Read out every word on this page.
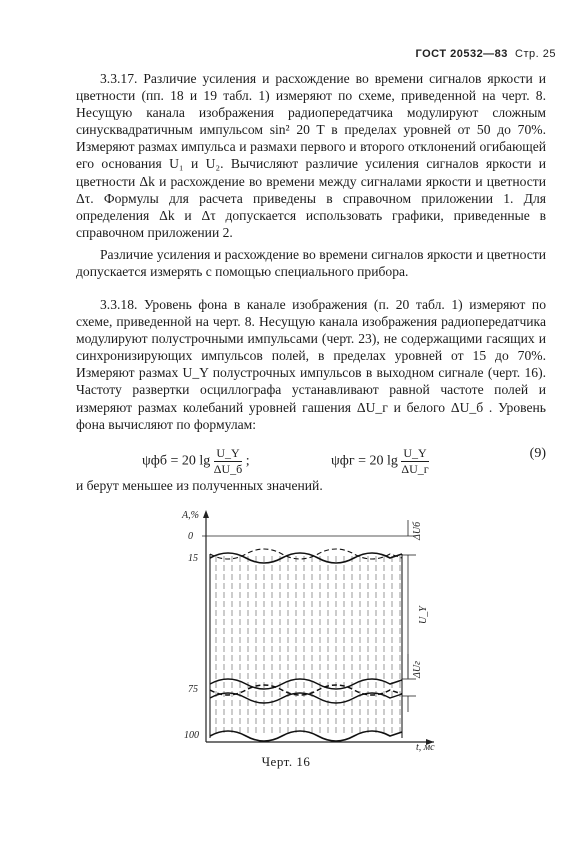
ГОСТ 20532—83 Стр. 25

3.3.17. Различие усиления и расхождение во времени сигналов яркости и цветности (пп. 18 и 19 табл. 1) измеряют по схеме, приведенной на черт. 8. Несущую канала изображения радиопередатчика модулируют сложным синусквадратичным импульсом sin² 20 T в пределах уровней от 50 до 70%. Измеряют размах импульса и размахи первого и второго отклонений огибающей его основания U₁ и U₂. Вычисляют различие усиления сигналов яркости и цветности Δk и расхождение во времени между сигналами яркости и цветности Δτ. Формулы для расчета приведены в справочном приложении 1. Для определения Δk и Δτ допускается использовать графики, приведенные в справочном приложении 2.

Различие усиления и расхождение во времени сигналов яркости и цветности допускается измерять с помощью специального прибора.

3.3.18. Уровень фона в канале изображения (п. 20 табл. 1) измеряют по схеме, приведенной на черт. 8. Несущую канала изображения радиопередатчика модулируют полустрочными импульсами (черт. 23), не содержащими гасящих и синхронизирующих импульсов полей, в пределах уровней от 15 до 70%. Измеряют размах U_Y полустрочных импульсов в выходном сигнале (черт. 16). Частоту развертки осциллографа устанавливают равной частоте полей и измеряют размах колебаний уровней гашения ΔU_г и белого ΔU_б . Уровень фона вычисляют по формулам:

ψфб = 20 $\lg \frac{U\_Y}{\Delta U\_б}$ ;	ψфг = 20 $\lg \frac{U\_Y}{\Delta U\_г}$	(9)
и берут меньшее из полученных значений.
A,%
t, мс
0
15
75
100
ΔUб
U_Y
ΔUг
Черт. 16
